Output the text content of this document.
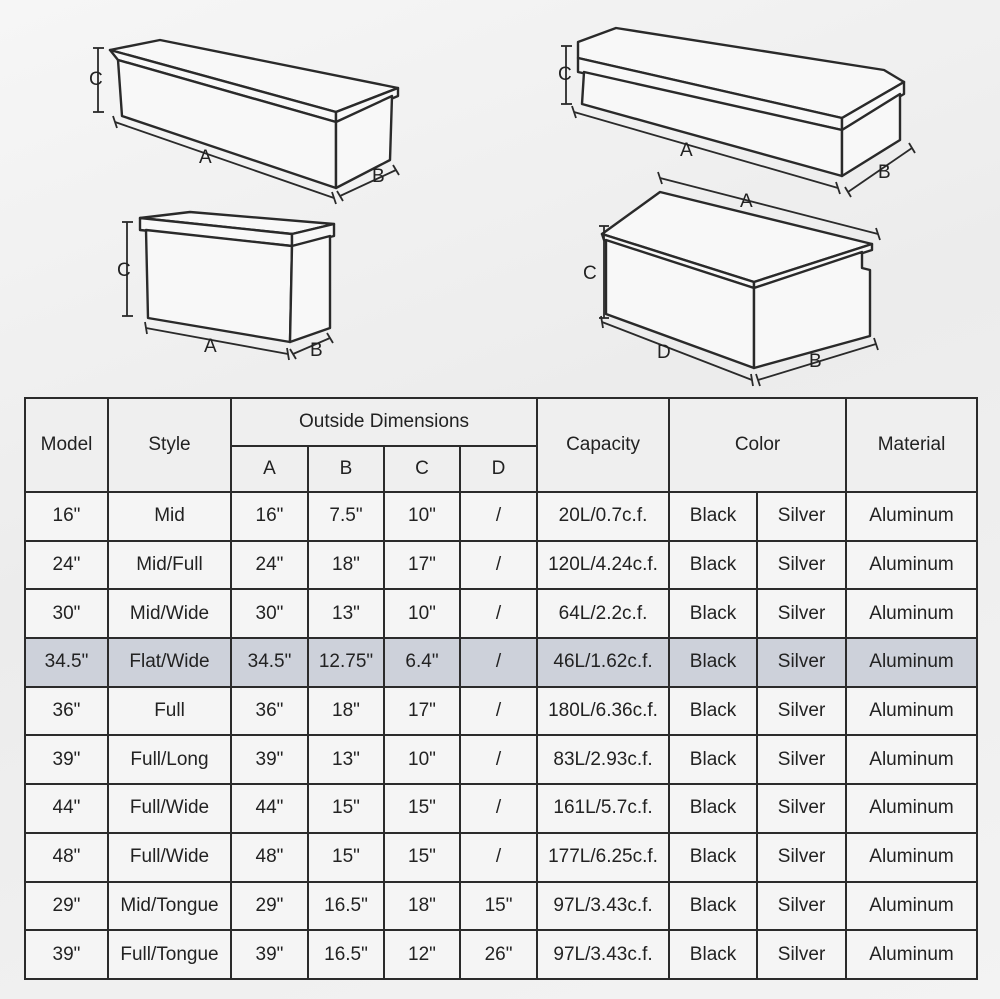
C
A
B
C
A	B
C
A
B
A
C
D	B
Model	Style	Outside Dimensions				Capacity	Color		Material
		A	B	C	D				
16"	Mid	16"	7.5"	10"	/	20L/0.7c.f.	Black	Silver	Aluminum
24"	Mid/Full	24"	18"	17"	/	120L/4.24c.f.	Black	Silver	Aluminum
30"	Mid/Wide	30"	13"	10"	/	64L/2.2c.f.	Black	Silver	Aluminum
34.5"	Flat/Wide	34.5"	12.75"	6.4"	/	46L/1.62c.f.	Black	Silver	Aluminum
36"	Full	36"	18"	17"	/	180L/6.36c.f.	Black	Silver	Aluminum
39"	Full/Long	39"	13"	10"	/	83L/2.93c.f.	Black	Silver	Aluminum
44"	Full/Wide	44"	15"	15"	/	161L/5.7c.f.	Black	Silver	Aluminum
48"	Full/Wide	48"	15"	15"	/	177L/6.25c.f.	Black	Silver	Aluminum
29"	Mid/Tongue	29"	16.5"	18"	15"	97L/3.43c.f.	Black	Silver	Aluminum
39"	Full/Tongue	39"	16.5"	12"	26"	97L/3.43c.f.	Black	Silver	Aluminum
